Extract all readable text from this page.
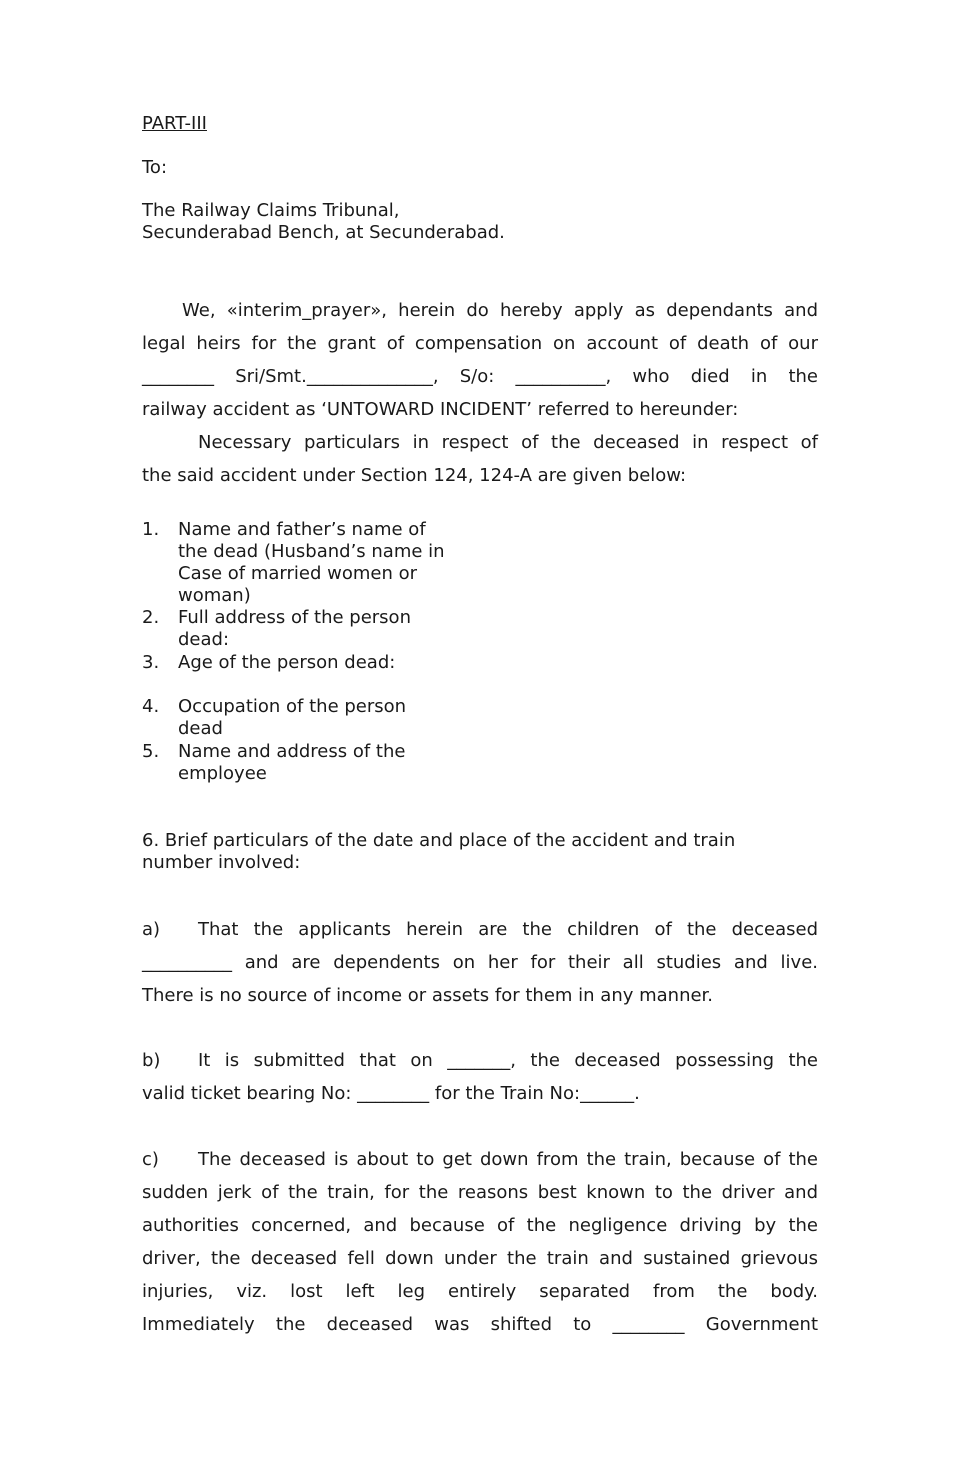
PART-III
To:
The Railway Claims Tribunal,
Secunderabad Bench, at Secunderabad.
We, «interim_prayer», herein do hereby apply as dependants and
legal heirs for the grant of compensation on account of death of our
________ Sri/Smt.______________, S/o: __________, who died in the
railway accident as ‘UNTOWARD INCIDENT’ referred to hereunder:
Necessary particulars in respect of the deceased in respect of
the said accident under Section 124, 124-A are given below:
1. Name and father’s name of
the dead (Husband’s name in
Case of married women or
woman)
2. Full address of the person
dead:
3. Age of the person dead:
4. Occupation of the person
dead
5. Name and address of the
employee
6. Brief particulars of the date and place of the accident and train
number involved:
a)	That the applicants herein are the children of the deceased
__________ and are dependents on her for their all studies and live.
There is no source of income or assets for them in any manner.
b)	It is submitted that on _______, the deceased possessing the
valid ticket bearing No: ________ for the Train No:______.
c)	The deceased is about to get down from the train, because of the
sudden jerk of the train, for the reasons best known to the driver and
authorities concerned, and because of the negligence driving by the
driver, the deceased fell down under the train and sustained grievous
injuries, viz. lost left leg entirely separated from the body.
Immediately the deceased was shifted to ________ Government
